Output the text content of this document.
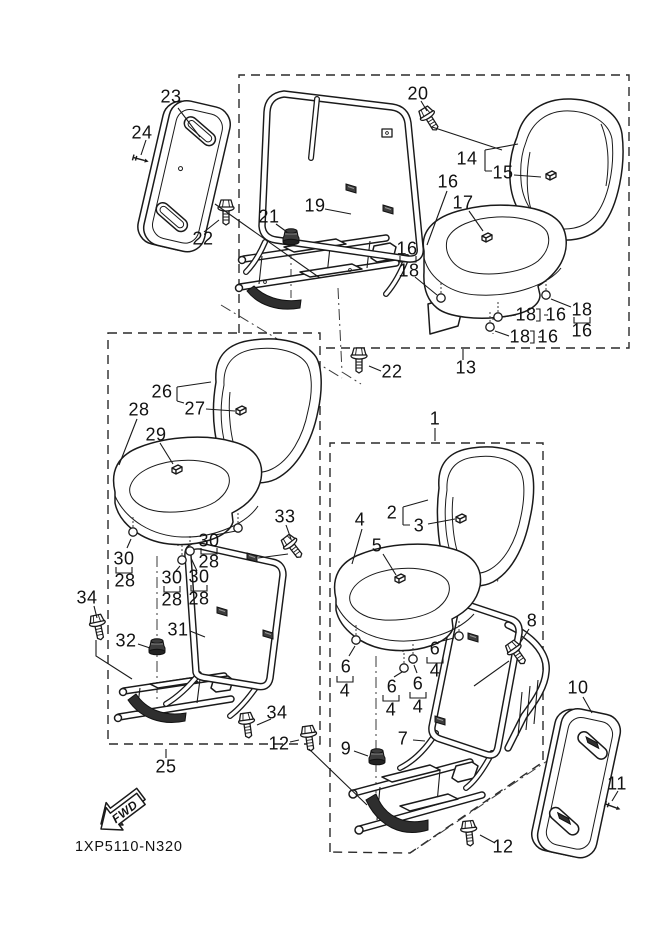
FWD
23
24
20
19
21
22
14
15
16
17
16
18
18 16
18 16
18
16
22	13
1
26
27
28
29
33
30
28
30
28
30
28
30
28
31
32
34
25
34
12
2
3
4
5
6
4 6
4
6
4
6
4
7
8
9
10
11
12
1XP5110-N320
